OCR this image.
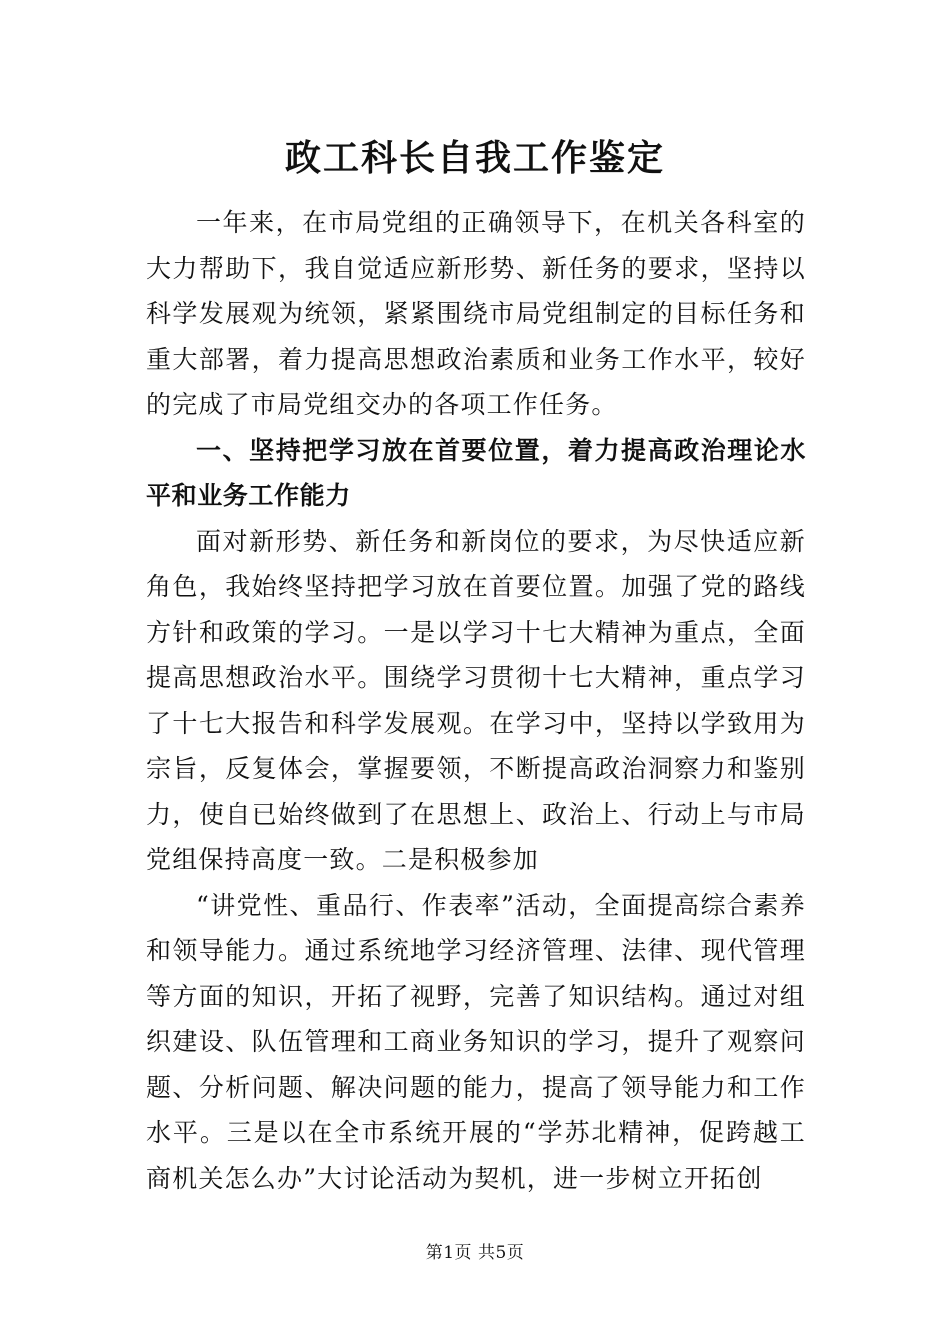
政工科长自我工作鉴定

一年来，在市局党组的正确领导下，在机关各科室的大力帮助下，我自觉适应新形势、新任务的要求，坚持以科学发展观为统领，紧紧围绕市局党组制定的目标任务和重大部署，着力提高思想政治素质和业务工作水平，较好的完成了市局党组交办的各项工作任务。

一、坚持把学习放在首要位置，着力提高政治理论水平和业务工作能力

面对新形势、新任务和新岗位的要求，为尽快适应新角色，我始终坚持把学习放在首要位置。加强了党的路线方针和政策的学习。一是以学习十七大精神为重点，全面提高思想政治水平。围绕学习贯彻十七大精神，重点学习了十七大报告和科学发展观。在学习中，坚持以学致用为宗旨，反复体会，掌握要领，不断提高政治洞察力和鉴别力，使自已始终做到了在思想上、政治上、行动上与市局党组保持高度一致。二是积极参加

“讲党性、重品行、作表率”活动，全面提高综合素养和领导能力。通过系统地学习经济管理、法律、现代管理等方面的知识，开拓了视野，完善了知识结构。通过对组织建设、队伍管理和工商业务知识的学习，提升了观察问题、分析问题、解决问题的能力，提高了领导能力和工作水平。三是以在全市系统开展的“学苏北精神，促跨越工商机关怎么办”大讨论活动为契机，进一步树立开拓创

第1页 共5页
